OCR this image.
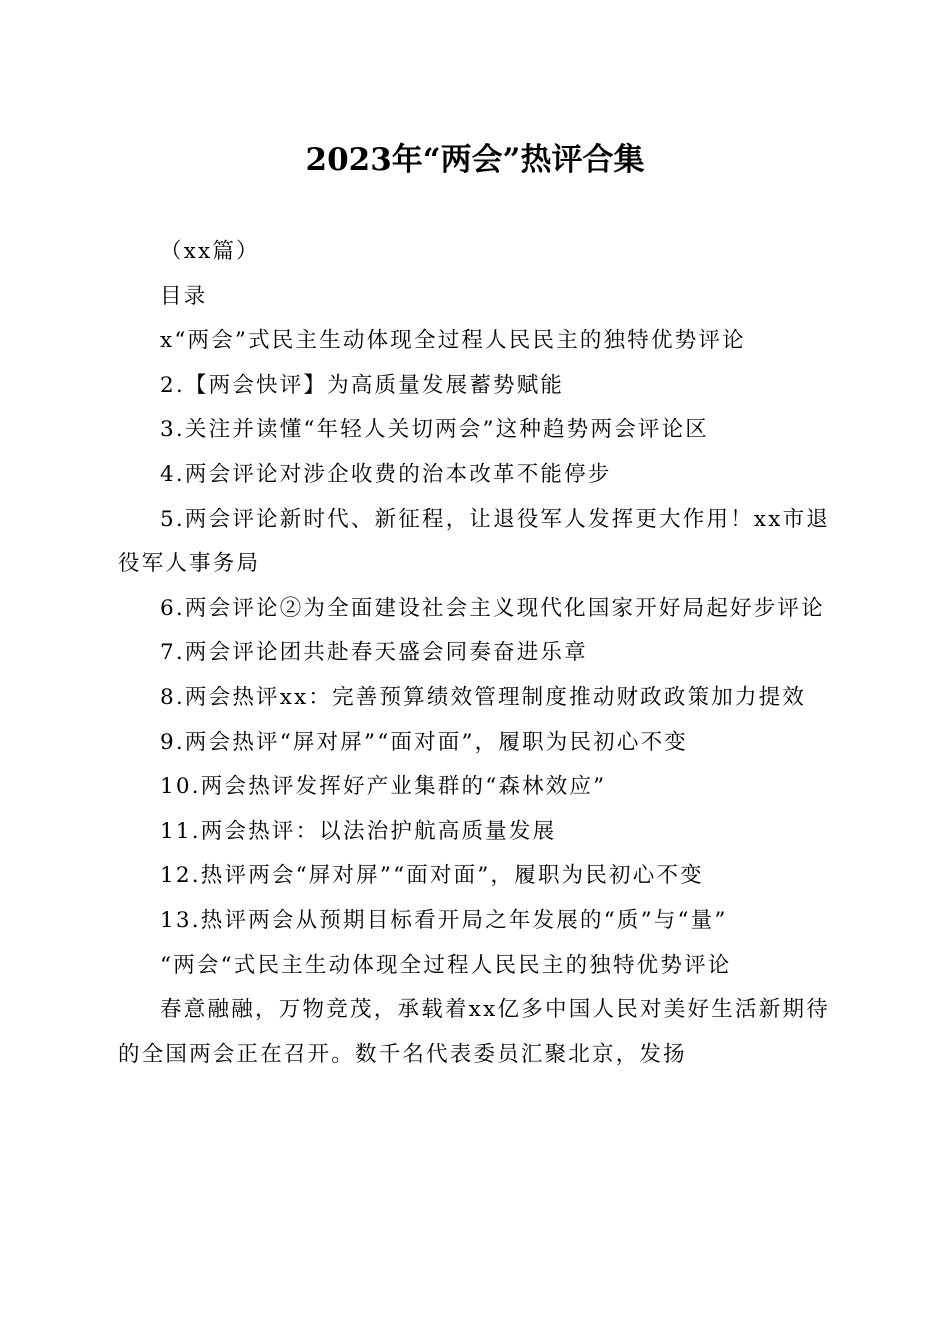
2023年“两会”热评合集

（xx篇）

目录

x“两会”式民主生动体现全过程人民民主的独特优势评论

2.【两会快评】为高质量发展蓄势赋能

3.关注并读懂“年轻人关切两会”这种趋势两会评论区

4.两会评论对涉企收费的治本改革不能停步

5.两会评论新时代、新征程，让退役军人发挥更大作用！xx市退役军人事务局

6.两会评论②为全面建设社会主义现代化国家开好局起好步评论

7.两会评论团共赴春天盛会同奏奋进乐章

8.两会热评xx：完善预算绩效管理制度推动财政政策加力提效

9.两会热评“屏对屏”“面对面”，履职为民初心不变

10.两会热评发挥好产业集群的“森林效应”

11.两会热评：以法治护航高质量发展

12.热评两会“屏对屏”“面对面”，履职为民初心不变

13.热评两会从预期目标看开局之年发展的“质”与“量”

“两会“式民主生动体现全过程人民民主的独特优势评论

春意融融，万物竞茂，承载着xx亿多中国人民对美好生活新期待的全国两会正在召开。数千名代表委员汇聚北京，发扬
